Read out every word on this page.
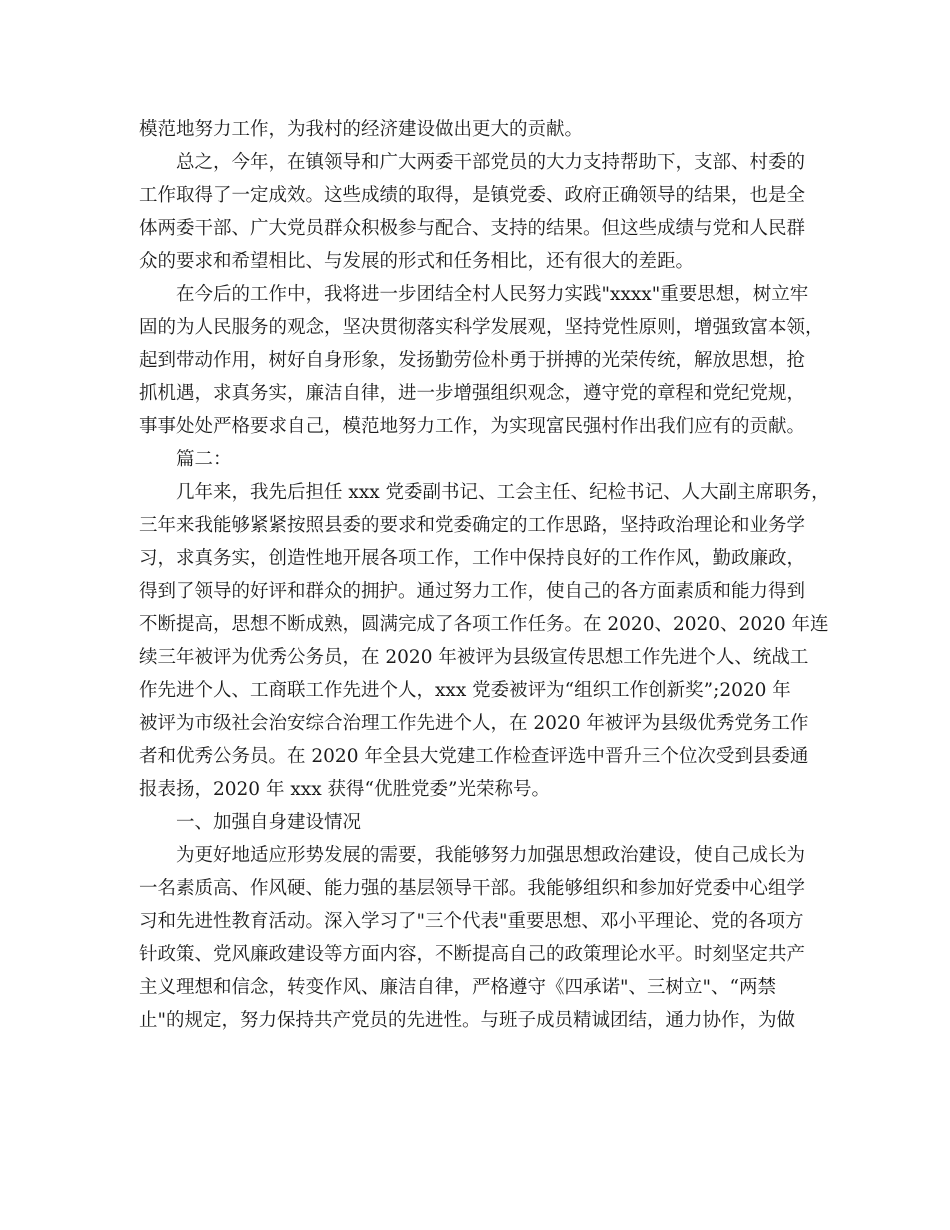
模范地努力工作，为我村的经济建设做出更大的贡献。
总之，今年，在镇领导和广大两委干部党员的大力支持帮助下，支部、村委的
工作取得了一定成效。这些成绩的取得，是镇党委、政府正确领导的结果，也是全
体两委干部、广大党员群众积极参与配合、支持的结果。但这些成绩与党和人民群
众的要求和希望相比、与发展的形式和任务相比，还有很大的差距。
在今后的工作中，我将进一步团结全村人民努力实践"xxxx"重要思想，树立牢
固的为人民服务的观念，坚决贯彻落实科学发展观，坚持党性原则，增强致富本领，
起到带动作用，树好自身形象，发扬勤劳俭朴勇于拼搏的光荣传统，解放思想，抢
抓机遇，求真务实，廉洁自律，进一步增强组织观念，遵守党的章程和党纪党规，
事事处处严格要求自己，模范地努力工作，为实现富民强村作出我们应有的贡献。
篇二：
几年来，我先后担任 xxx 党委副书记、工会主任、纪检书记、人大副主席职务，
三年来我能够紧紧按照县委的要求和党委确定的工作思路，坚持政治理论和业务学
习，求真务实，创造性地开展各项工作，工作中保持良好的工作作风，勤政廉政，
得到了领导的好评和群众的拥护。通过努力工作，使自己的各方面素质和能力得到
不断提高，思想不断成熟，圆满完成了各项工作任务。在 2020、2020、2020 年连
续三年被评为优秀公务员，在 2020 年被评为县级宣传思想工作先进个人、统战工
作先进个人、工商联工作先进个人，xxx 党委被评为“组织工作创新奖”;2020 年
被评为市级社会治安综合治理工作先进个人，在 2020 年被评为县级优秀党务工作
者和优秀公务员。在 2020 年全县大党建工作检查评选中晋升三个位次受到县委通
报表扬，2020 年 xxx 获得“优胜党委”光荣称号。
一、加强自身建设情况
为更好地适应形势发展的需要，我能够努力加强思想政治建设，使自己成长为
一名素质高、作风硬、能力强的基层领导干部。我能够组织和参加好党委中心组学
习和先进性教育活动。深入学习了"三个代表"重要思想、邓小平理论、党的各项方
针政策、党风廉政建设等方面内容，不断提高自己的政策理论水平。时刻坚定共产
主义理想和信念，转变作风、廉洁自律，严格遵守《四承诺"、三树立"、“两禁
止"的规定，努力保持共产党员的先进性。与班子成员精诚团结，通力协作，为做
